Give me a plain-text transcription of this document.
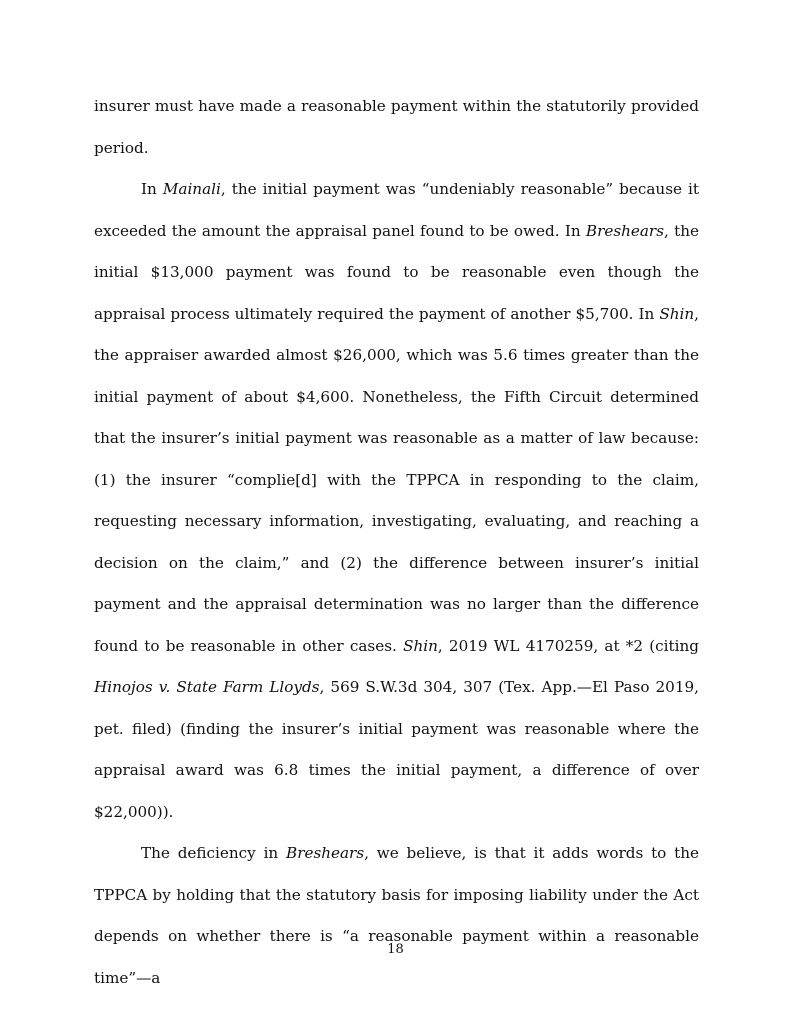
insurer must have made a reasonable payment within the statutorily provided period.

In Mainali, the initial payment was “undeniably reasonable” because it exceeded the amount the appraisal panel found to be owed. In Breshears, the initial $13,000 payment was found to be reasonable even though the appraisal process ultimately required the payment of another $5,700. In Shin, the appraiser awarded almost $26,000, which was 5.6 times greater than the initial payment of about $4,600. Nonetheless, the Fifth Circuit determined that the insurer’s initial payment was reasonable as a matter of law because: (1) the insurer “complie[d] with the TPPCA in responding to the claim, requesting necessary information, investigating, evaluating, and reaching a decision on the claim,” and (2) the difference between insurer’s initial payment and the appraisal determination was no larger than the difference found to be reasonable in other cases. Shin, 2019 WL 4170259, at *2 (citing Hinojos v. State Farm Lloyds, 569 S.W.3d 304, 307 (Tex. App.—El Paso 2019, pet. filed) (finding the insurer’s initial payment was reasonable where the appraisal award was 6.8 times the initial payment, a difference of over $22,000)).

The deficiency in Breshears, we believe, is that it adds words to the TPPCA by holding that the statutory basis for imposing liability under the Act depends on whether there is “a reasonable payment within a reasonable time”—a

18
